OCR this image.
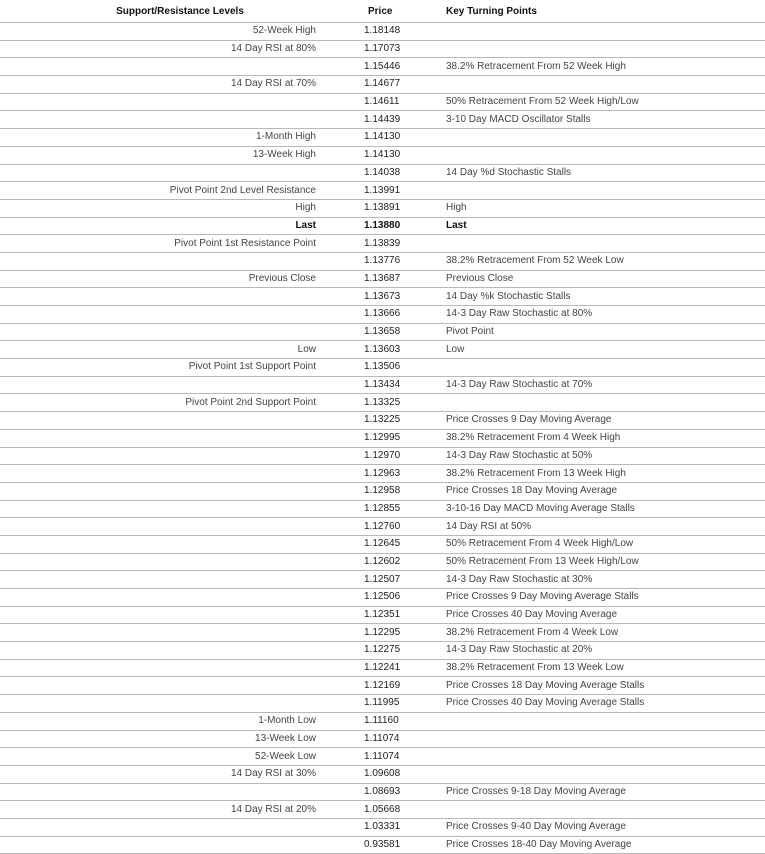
Support/Resistance Levels	Price	Key Turning Points
52-Week High	1.18148	
14 Day RSI at 80%	1.17073	
	1.15446	38.2% Retracement From 52 Week High
14 Day RSI at 70%	1.14677	
	1.14611	50% Retracement From 52 Week High/Low
	1.14439	3-10 Day MACD Oscillator Stalls
1-Month High	1.14130	
13-Week High	1.14130	
	1.14038	14 Day %d Stochastic Stalls
Pivot Point 2nd Level Resistance	1.13991	
High	1.13891	High
Last	1.13880	Last
Pivot Point 1st Resistance Point	1.13839	
	1.13776	38.2% Retracement From 52 Week Low
Previous Close	1.13687	Previous Close
	1.13673	14 Day %k Stochastic Stalls
	1.13666	14-3 Day Raw Stochastic at 80%
	1.13658	Pivot Point
Low	1.13603	Low
Pivot Point 1st Support Point	1.13506	
	1.13434	14-3 Day Raw Stochastic at 70%
Pivot Point 2nd Support Point	1.13325	
	1.13225	Price Crosses 9 Day Moving Average
	1.12995	38.2% Retracement From 4 Week High
	1.12970	14-3 Day Raw Stochastic at 50%
	1.12963	38.2% Retracement From 13 Week High
	1.12958	Price Crosses 18 Day Moving Average
	1.12855	3-10-16 Day MACD Moving Average Stalls
	1.12760	14 Day RSI at 50%
	1.12645	50% Retracement From 4 Week High/Low
	1.12602	50% Retracement From 13 Week High/Low
	1.12507	14-3 Day Raw Stochastic at 30%
	1.12506	Price Crosses 9 Day Moving Average Stalls
	1.12351	Price Crosses 40 Day Moving Average
	1.12295	38.2% Retracement From 4 Week Low
	1.12275	14-3 Day Raw Stochastic at 20%
	1.12241	38.2% Retracement From 13 Week Low
	1.12169	Price Crosses 18 Day Moving Average Stalls
	1.11995	Price Crosses 40 Day Moving Average Stalls
1-Month Low	1.11160	
13-Week Low	1.11074	
52-Week Low	1.11074	
14 Day RSI at 30%	1.09608	
	1.08693	Price Crosses 9-18 Day Moving Average
14 Day RSI at 20%	1.05668	
	1.03331	Price Crosses 9-40 Day Moving Average
	0.93581	Price Crosses 18-40 Day Moving Average
